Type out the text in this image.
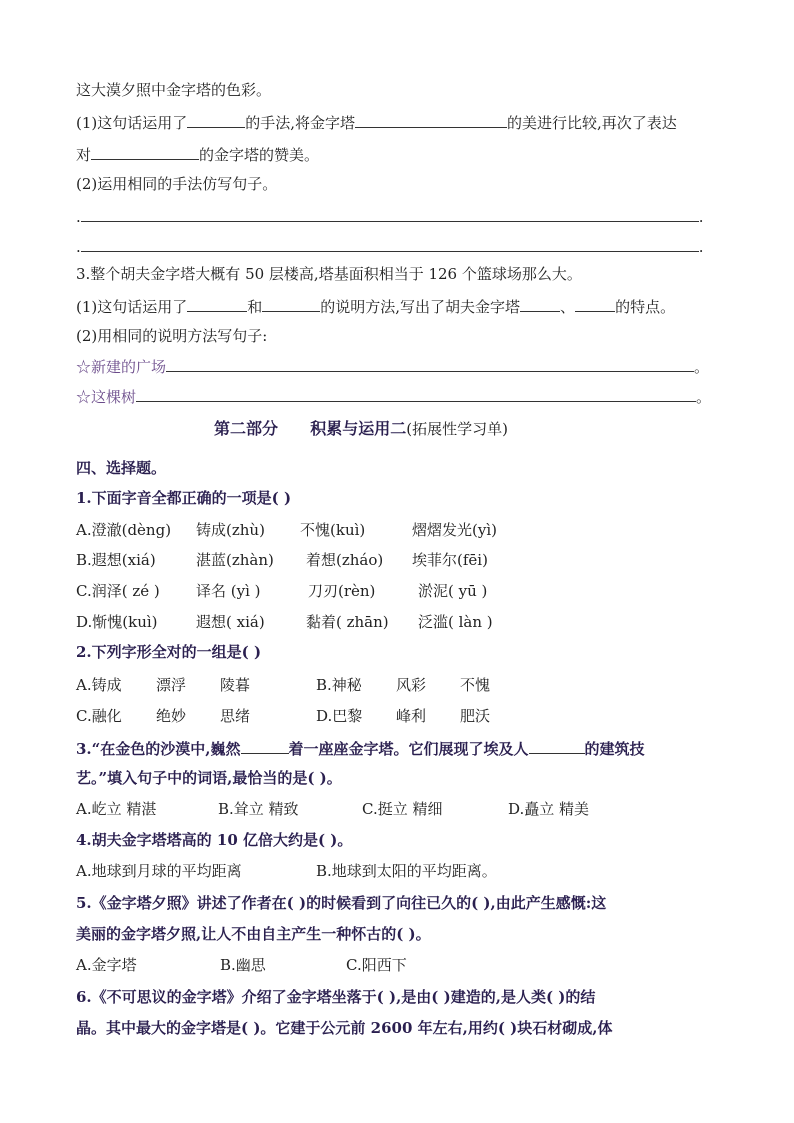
这大漠夕照中金字塔的色彩。
(1)这句话运用了	的手法,将金字塔	的美进行比较,再次了表达
对	的金字塔的赞美。
(2)运用相同的手法仿写句子。
.	.
.	.
3.整个胡夫金字塔大概有 50 层楼高,塔基面积相当于 126 个篮球场那么大。
(1)这句话运用了	和	的说明方法,写出了胡夫金字塔	、	的特点。
(2)用相同的说明方法写句子:
☆新建的广场	。
☆这棵树	。
第二部分 积累与运用二(拓展性学习单)
四、选择题。
1.下面字音全都正确的一项是( )
A.澄澈(dèng) 铸成(zhù) 不愧(kuì)	熠熠发光(yì)
B.遐想(xiá)	湛蓝(zhàn) 着想(zháo) 埃菲尔(fēi)
C.润泽( zé ) 译名 (yì )	刀刃(rèn)	淤泥( yū )
D.惭愧(kuì)	遐想( xiá)	黏着( zhān) 泛滥( làn )
2.下列字形全对的一组是( )
A.铸成 漂浮 陵暮	B.神秘 风彩 不愧
C.融化 绝妙 思绪	D.巴黎 峰利 肥沃
3.“在金色的沙漠中,巍然	着一座座金字塔。它们展现了埃及人	的建筑技
艺。”填入句子中的词语,最恰当的是( )。
A.屹立 精湛	B.耸立 精致	C.挺立 精细	D.矗立 精美
4.胡夫金字塔塔高的 10 亿倍大约是( )。
A.地球到月球的平均距离	B.地球到太阳的平均距离。
5.《金字塔夕照》讲述了作者在( )的时候看到了向往已久的( ),由此产生感慨:这
美丽的金字塔夕照,让人不由自主产生一种怀古的( )。
A.金字塔	B.幽思	C.阳西下
6.《不可思议的金字塔》介绍了金字塔坐落于( ),是由( )建造的,是人类( )的结
晶。其中最大的金字塔是( )。它建于公元前 2600 年左右,用约( )块石材砌成,体
